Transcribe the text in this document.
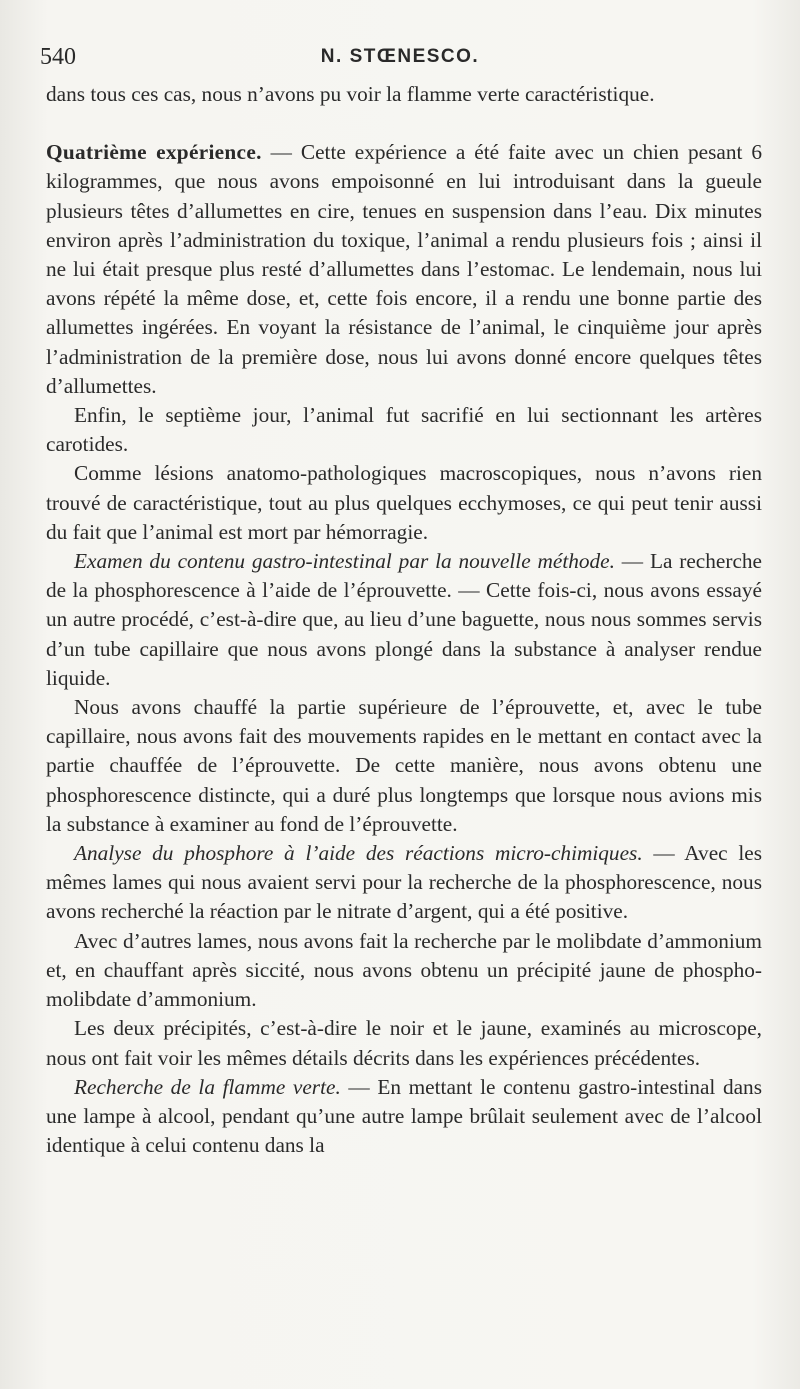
540	N. STŒNESCO.

dans tous ces cas, nous n’avons pu voir la flamme verte caractéristique.

Quatrième expérience. — Cette expérience a été faite avec un chien pesant 6 kilogrammes, que nous avons empoisonné en lui introduisant dans la gueule plusieurs têtes d’allumettes en cire, tenues en suspension dans l’eau. Dix minutes environ après l’administration du toxique, l’animal a rendu plusieurs fois ; ainsi il ne lui était presque plus resté d’allumettes dans l’estomac. Le lendemain, nous lui avons répété la même dose, et, cette fois encore, il a rendu une bonne partie des allumettes ingérées. En voyant la résistance de l’animal, le cinquième jour après l’administration de la première dose, nous lui avons donné encore quelques têtes d’allumettes.

Enfin, le septième jour, l’animal fut sacrifié en lui sectionnant les artères carotides.

Comme lésions anatomo-pathologiques macroscopiques, nous n’avons rien trouvé de caractéristique, tout au plus quelques ecchymoses, ce qui peut tenir aussi du fait que l’animal est mort par hémorragie.

Examen du contenu gastro-intestinal par la nouvelle méthode. — La recherche de la phosphorescence à l’aide de l’éprouvette. — Cette fois-ci, nous avons essayé un autre procédé, c’est-à-dire que, au lieu d’une baguette, nous nous sommes servis d’un tube capillaire que nous avons plongé dans la substance à analyser rendue liquide.

Nous avons chauffé la partie supérieure de l’éprouvette, et, avec le tube capillaire, nous avons fait des mouvements rapides en le mettant en contact avec la partie chauffée de l’éprouvette. De cette manière, nous avons obtenu une phosphorescence distincte, qui a duré plus longtemps que lorsque nous avions mis la substance à examiner au fond de l’éprouvette.

Analyse du phosphore à l’aide des réactions micro-chimiques. — Avec les mêmes lames qui nous avaient servi pour la recherche de la phosphorescence, nous avons recherché la réaction par le nitrate d’argent, qui a été positive.

Avec d’autres lames, nous avons fait la recherche par le molibdate d’ammonium et, en chauffant après siccité, nous avons obtenu un précipité jaune de phospho-molibdate d’ammonium.

Les deux précipités, c’est-à-dire le noir et le jaune, examinés au microscope, nous ont fait voir les mêmes détails décrits dans les expériences précédentes.

Recherche de la flamme verte. — En mettant le contenu gastro-intestinal dans une lampe à alcool, pendant qu’une autre lampe brûlait seulement avec de l’alcool identique à celui contenu dans la
